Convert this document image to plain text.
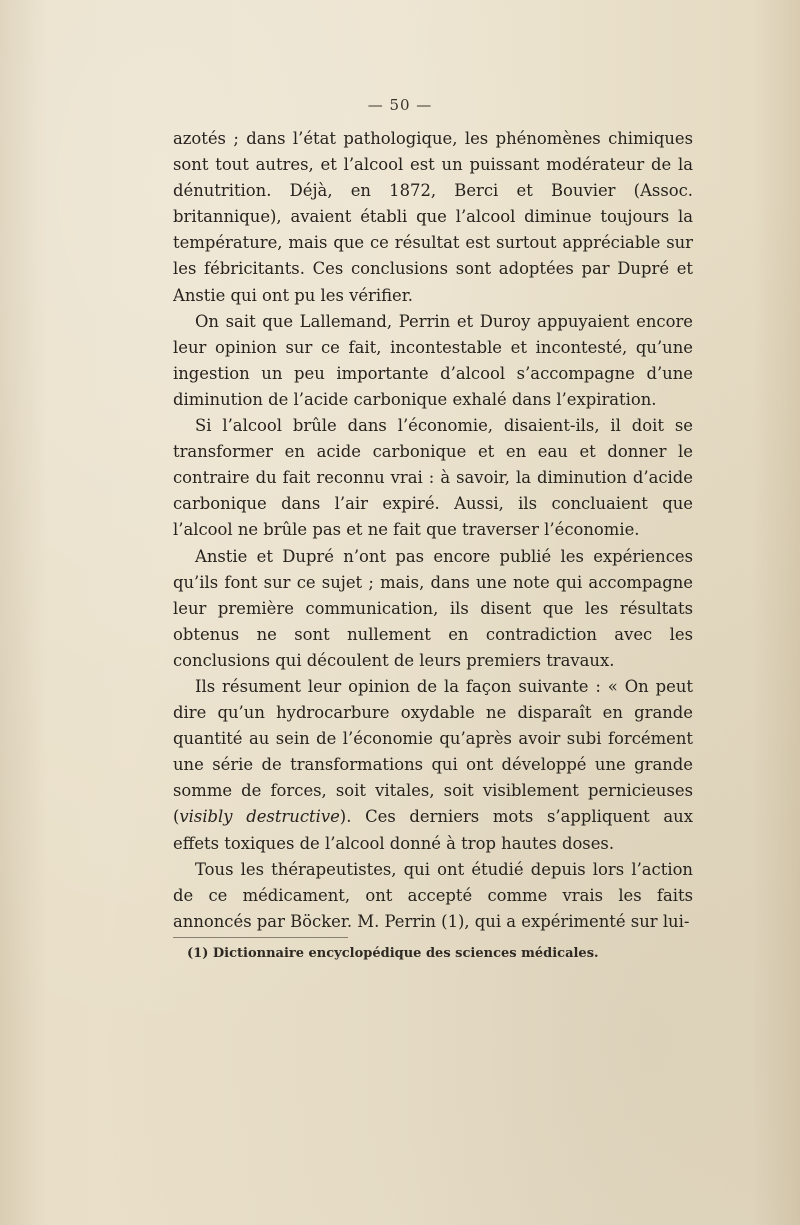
— 50 —

azotés ; dans l’état pathologique, les phénomènes chimiques sont tout autres, et l’alcool est un puissant modérateur de la dénutrition. Déjà, en 1872, Berci et Bouvier (Assoc. britannique), avaient établi que l’alcool diminue toujours la température, mais que ce résultat est surtout appréciable sur les fébricitants. Ces conclusions sont adoptées par Dupré et Anstie qui ont pu les vérifier.

On sait que Lallemand, Perrin et Duroy appuyaient encore leur opinion sur ce fait, incontestable et incontesté, qu’une ingestion un peu importante d’alcool s’accompagne d’une diminution de l’acide carbonique exhalé dans l’expiration.

Si l’alcool brûle dans l’économie, disaient-ils, il doit se transformer en acide carbonique et en eau et donner le contraire du fait reconnu vrai : à savoir, la diminution d’acide carbonique dans l’air expiré. Aussi, ils concluaient que l’alcool ne brûle pas et ne fait que traverser l’économie.

Anstie et Dupré n’ont pas encore publié les expériences qu’ils font sur ce sujet ; mais, dans une note qui accompagne leur première communication, ils disent que les résultats obtenus ne sont nullement en contradiction avec les conclusions qui découlent de leurs premiers travaux.

Ils résument leur opinion de la façon suivante : « On peut dire qu’un hydrocarbure oxydable ne disparaît en grande quantité au sein de l’économie qu’après avoir subi forcément une série de transformations qui ont développé une grande somme de forces, soit vitales, soit visiblement pernicieuses (visibly destructive). Ces derniers mots s’appliquent aux effets toxiques de l’alcool donné à trop hautes doses.

Tous les thérapeutistes, qui ont étudié depuis lors l’action de ce médicament, ont accepté comme vrais les faits annoncés par Böcker. M. Perrin (1), qui a expérimenté sur lui-

(1) Dictionnaire encyclopédique des sciences médicales.
